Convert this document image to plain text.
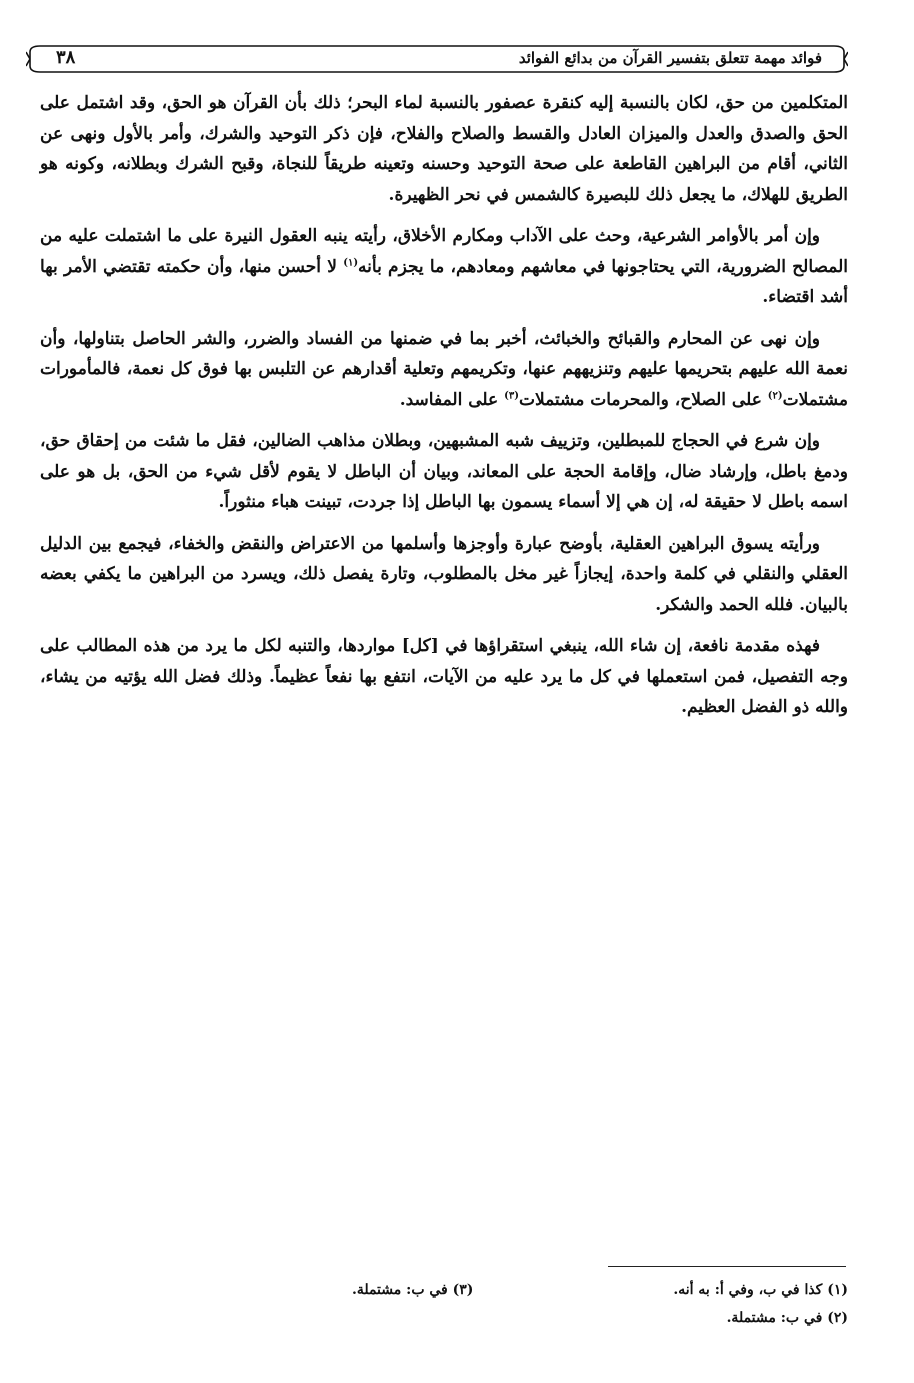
فوائد مهمة تتعلق بتفسير القرآن من بدائع الفوائد
٣٨

المتكلمين من حق، لكان بالنسبة إليه كنقرة عصفور بالنسبة لماء البحر؛ ذلك بأن القرآن هو الحق، وقد اشتمل على الحق والصدق والعدل والميزان العادل والقسط والصلاح والفلاح، فإن ذكر التوحيد والشرك، وأمر بالأول ونهى عن الثاني، أقام من البراهين القاطعة على صحة التوحيد وحسنه وتعينه طريقاً للنجاة، وقبح الشرك وبطلانه، وكونه هو الطريق للهلاك، ما يجعل ذلك للبصيرة كالشمس في نحر الظهيرة.

وإن أمر بالأوامر الشرعية، وحث على الآداب ومكارم الأخلاق، رأيته ينبه العقول النيرة على ما اشتملت عليه من المصالح الضرورية، التي يحتاجونها في معاشهم ومعادهم، ما يجزم بأنه$^{(١)}$ لا أحسن منها، وأن حكمته تقتضي الأمر بها أشد اقتضاء.

وإن نهى عن المحارم والقبائح والخبائث، أخبر بما في ضمنها من الفساد والضرر، والشر الحاصل بتناولها، وأن نعمة الله عليهم بتحريمها عليهم وتنزيههم عنها، وتكريمهم وتعلية أقدارهم عن التلبس بها فوق كل نعمة، فالمأمورات مشتملات$^{(٢)}$ على الصلاح، والمحرمات مشتملات$^{(٣)}$ على المفاسد.

وإن شرع في الحجاج للمبطلين، وتزييف شبه المشبهين، وبطلان مذاهب الضالين، فقل ما شئت من إحقاق حق، ودمغ باطل، وإرشاد ضال، وإقامة الحجة على المعاند، وبيان أن الباطل لا يقوم لأقل شيء من الحق، بل هو على اسمه باطل لا حقيقة له، إن هي إلا أسماء يسمون بها الباطل إذا جردت، تبينت هباء منثوراً.

ورأيته يسوق البراهين العقلية، بأوضح عبارة وأوجزها وأسلمها من الاعتراض والنقض والخفاء، فيجمع بين الدليل العقلي والنقلي في كلمة واحدة، إيجازاً غير مخل بالمطلوب، وتارة يفصل ذلك، ويسرد من البراهين ما يكفي بعضه بالبيان. فلله الحمد والشكر.

فهذه مقدمة نافعة، إن شاء الله، ينبغي استقراؤها في [كل] مواردها، والتنبه لكل ما يرد من هذه المطالب على وجه التفصيل، فمن استعملها في كل ما يرد عليه من الآيات، انتفع بها نفعاً عظيماً. وذلك فضل الله يؤتيه من يشاء، والله ذو الفضل العظيم.

(١) كذا في ب، وفي أ: به أنه.
(٣) في ب: مشتملة.
(٢) في ب: مشتملة.
